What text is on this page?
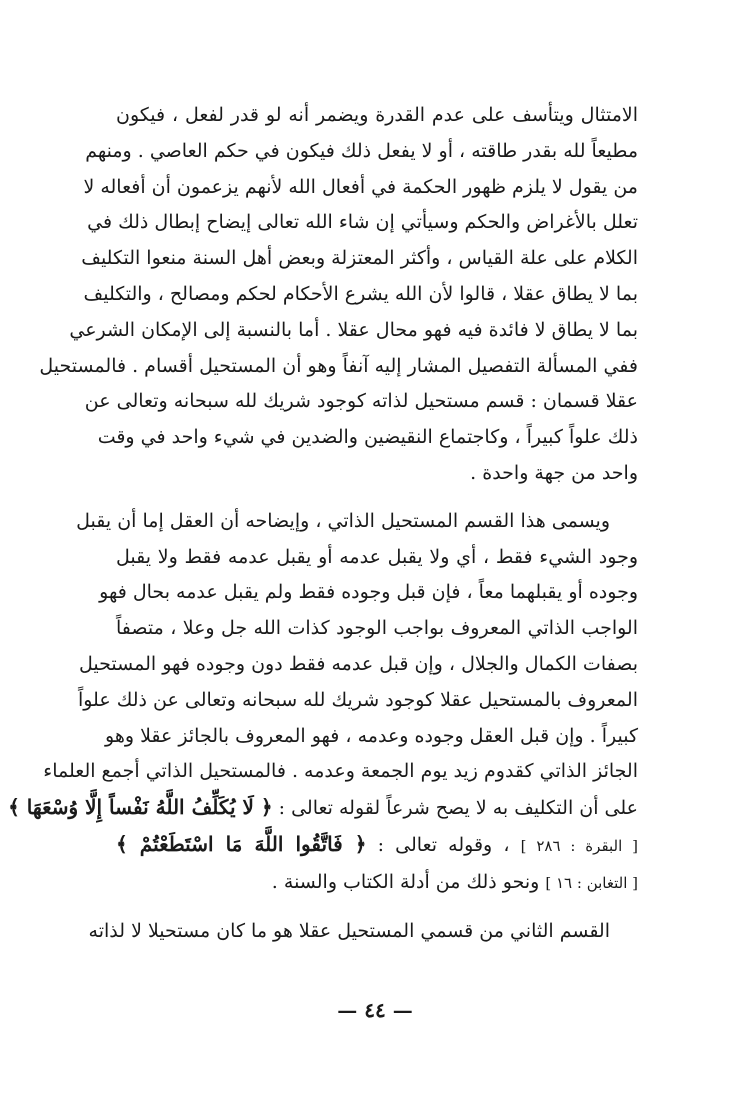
الامتثال ويتأسف على عدم القدرة ويضمر أنه لو قدر لفعل ، فيكون
مطيعاً لله بقدر طاقته ، أو لا يفعل ذلك فيكون في حكم العاصي . ومنهم
من يقول لا يلزم ظهور الحكمة في أفعال الله لأنهم يزعمون أن أفعاله لا
تعلل بالأغراض والحكم وسيأتي إن شاء الله تعالى إيضاح إبطال ذلك في
الكلام على علة القياس ، وأكثر المعتزلة وبعض أهل السنة منعوا التكليف
بما لا يطاق عقلا ، قالوا لأن الله يشرع الأحكام لحكم ومصالح ، والتكليف
بما لا يطاق لا فائدة فيه فهو محال عقلا . أما بالنسبة إلى الإمكان الشرعي
ففي المسألة التفصيل المشار إليه آنفاً وهو أن المستحيل أقسام . فالمستحيل
عقلا قسمان : قسم مستحيل لذاته كوجود شريك لله سبحانه وتعالى عن
ذلك علواً كبيراً ، وكاجتماع النقيضين والضدين في شيء واحد في وقت
واحد من جهة واحدة .

ويسمى هذا القسم المستحيل الذاتي ، وإيضاحه أن العقل إما أن يقبل
وجود الشيء فقط ، أي ولا يقبل عدمه أو يقبل عدمه فقط ولا يقبل
وجوده أو يقبلهما معاً ، فإن قبل وجوده فقط ولم يقبل عدمه بحال فهو
الواجب الذاتي المعروف بواجب الوجود كذات الله جل وعلا ، متصفاً
بصفات الكمال والجلال ، وإن قبل عدمه فقط دون وجوده فهو المستحيل
المعروف بالمستحيل عقلا كوجود شريك لله سبحانه وتعالى عن ذلك علواً
كبيراً . وإن قبل العقل وجوده وعدمه ، فهو المعروف بالجائز عقلا وهو
الجائز الذاتي كقدوم زيد يوم الجمعة وعدمه . فالمستحيل الذاتي أجمع العلماء
على أن التكليف به لا يصح شرعاً لقوله تعالى : ﴿ لَا يُكَلِّفُ اللَّهُ نَفْساً إِلَّا وُسْعَهَا ﴾
[ البقرة : ٢٨٦ ] ، وقوله تعالى : ﴿ فَاتَّقُوا اللَّهَ مَا اسْتَطَعْتُمْ ﴾
[ التغابن : ١٦ ] ونحو ذلك من أدلة الكتاب والسنة .

القسم الثاني من قسمي المستحيل عقلا هو ما كان مستحيلا لا لذاته

— ٤٤ —
